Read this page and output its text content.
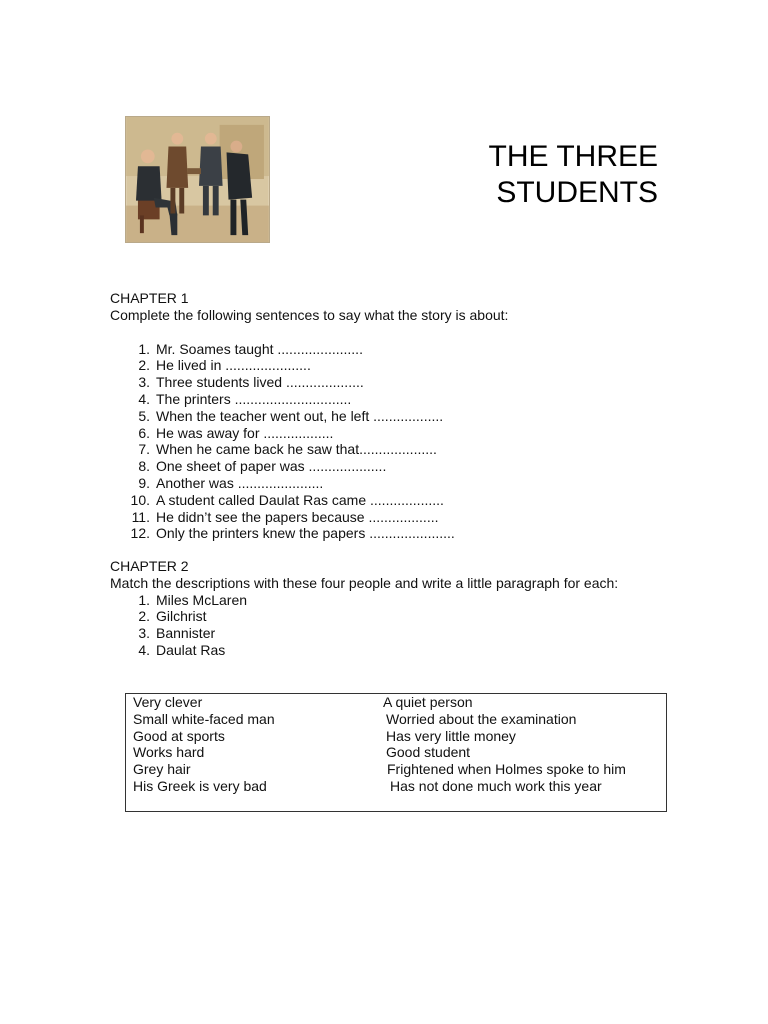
THE THREE
STUDENTS
CHAPTER 1
Complete the following sentences to say what the story is about:
1. Mr. Soames taught ......................
2. He lived in ......................
3. Three students lived ....................
4. The printers ..............................
5. When the teacher went out, he left ..................
6. He was away for ..................
7. When he came back he saw that....................
8. One sheet of paper was ....................
9. Another was ......................
10. A student called Daulat Ras came ...................
11. He didn’t see the papers because ..................
12. Only the printers knew the papers ......................
CHAPTER 2
Match the descriptions with these four people and write a little paragraph for each:
1. Miles McLaren
2. Gilchrist
3. Bannister
4. Daulat Ras
Very clever	A quiet person
Small white-faced man	Worried about the examination
Good at sports	Has very little money
Works hard	Good student
Grey hair	Frightened when Holmes spoke to him
His Greek is very bad	Has not done much work this year
